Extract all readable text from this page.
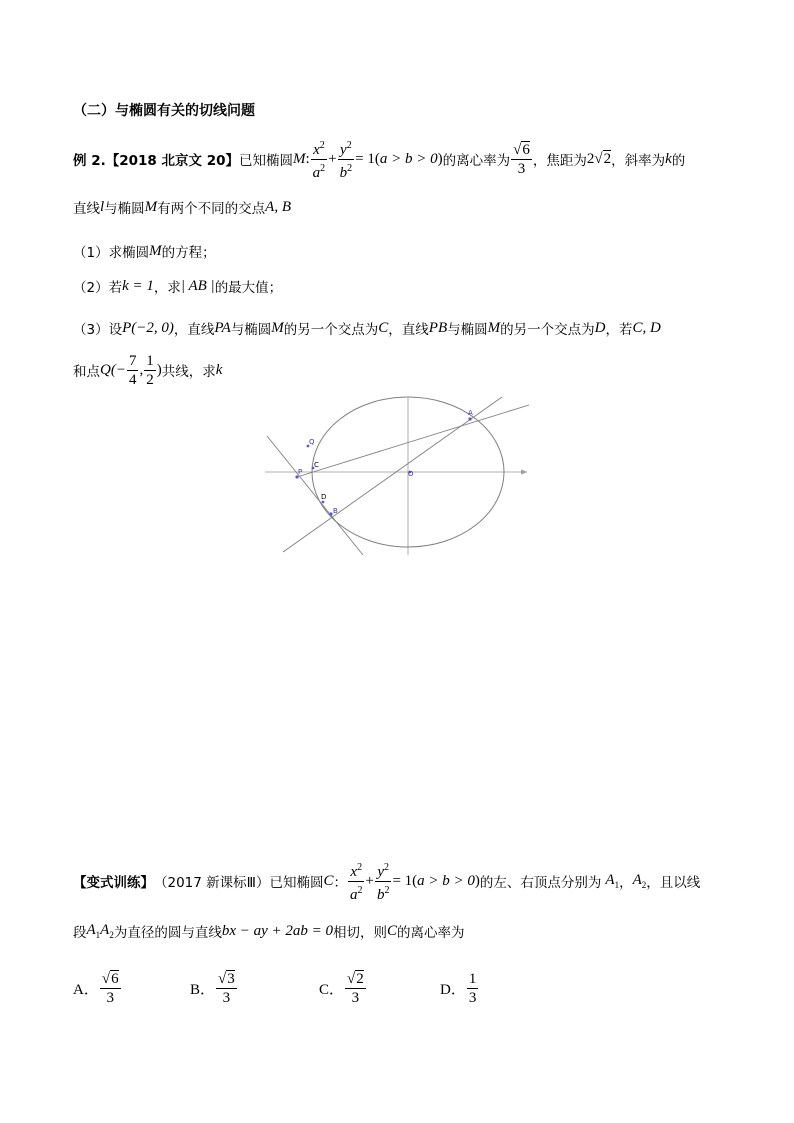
（二）与椭圆有关的切线问题
例 2. 【2018 北京文 20】 已知椭圆 M : $\frac{x^2}{a^2} + \frac{y^2}{b^2} = 1$( a > b > 0 ) 的离心率为 $\frac{√6}{3}$ ，焦距为 2 √2 ，斜率为 k 的
直线 l 与椭圆 M 有两个不同的交点 A, B
（1）求椭圆 M 的方程；
（2）若 k = 1 ，求 | AB | 的最大值；
（3）设 P(−2, 0) ，直线 PA 与椭圆 M 的另一个交点为 C ，直线 PB 与椭圆 M 的另一个交点为 D ，若 C, D
和点 $Q(- \frac{7}{4}$ , $\frac{1}{2}$ ) 共线，求 k
A
Q
C
P	O
D
B
【变式训练】 （2017 新课标Ⅲ） 已知椭圆 C ： $\frac{x^2}{a^2} + \frac{y^2}{b^2} = 1$( a > b > 0 ) 的左、右顶点分别为 $A_1$ ， $A_2$ ，且以线
段 $A_1A_2$ 为直径的圆与直线 bx − ay + 2ab = 0 相切，则 C 的离心率为
A． $\frac{√6}{3}$	B． $\frac{√3}{3}$	C． $\frac{√2}{3}$	D． $\frac{1}{3}$
